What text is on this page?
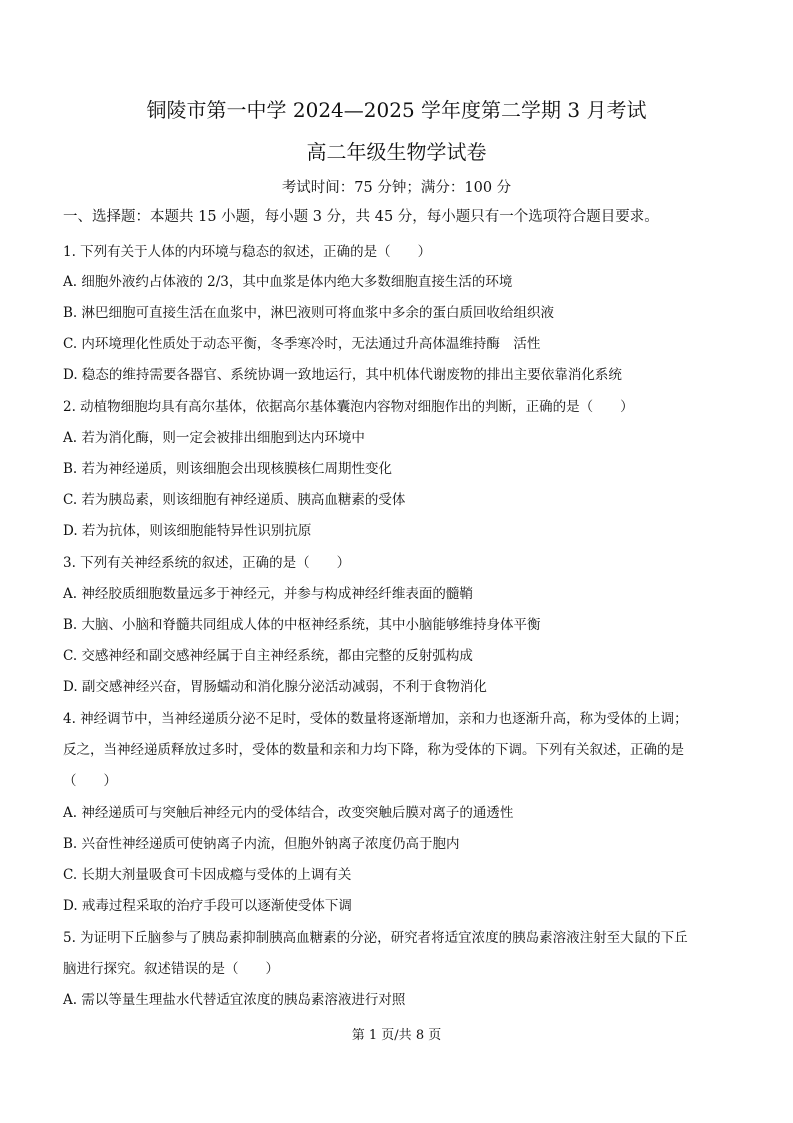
铜陵市第一中学 2024—2025 学年度第二学期 3 月考试
高二年级生物学试卷
考试时间：75 分钟；满分：100 分
一、选择题：本题共 15 小题，每小题 3 分，共 45 分，每小题只有一个选项符合题目要求。
1. 下列有关于人体的内环境与稳态的叙述，正确的是（　　）
A. 细胞外液约占体液的 2/3，其中血浆是体内绝大多数细胞直接生活的环境
B. 淋巴细胞可直接生活在血浆中，淋巴液则可将血浆中多余的蛋白质回收给组织液
C. 内环境理化性质处于动态平衡，冬季寒冷时，无法通过升高体温维持酶　活性
D. 稳态的维持需要各器官、系统协调一致地运行，其中机体代谢废物的排出主要依靠消化系统
2. 动植物细胞均具有高尔基体，依据高尔基体囊泡内容物对细胞作出的判断，正确的是（　　）
A. 若为消化酶，则一定会被排出细胞到达内环境中
B. 若为神经递质，则该细胞会出现核膜核仁周期性变化
C. 若为胰岛素，则该细胞有神经递质、胰高血糖素的受体
D. 若为抗体，则该细胞能特异性识别抗原
3. 下列有关神经系统的叙述，正确的是（　　）
A. 神经胶质细胞数量远多于神经元，并参与构成神经纤维表面的髓鞘
B. 大脑、小脑和脊髓共同组成人体的中枢神经系统，其中小脑能够维持身体平衡
C. 交感神经和副交感神经属于自主神经系统，都由完整的反射弧构成
D. 副交感神经兴奋，胃肠蠕动和消化腺分泌活动减弱，不利于食物消化
4. 神经调节中，当神经递质分泌不足时，受体的数量将逐渐增加，亲和力也逐渐升高，称为受体的上调；
反之，当神经递质释放过多时，受体的数量和亲和力均下降，称为受体的下调。下列有关叙述，正确的是
（　　）
A. 神经递质可与突触后神经元内的受体结合，改变突触后膜对离子的通透性
B. 兴奋性神经递质可使钠离子内流，但胞外钠离子浓度仍高于胞内
C. 长期大剂量吸食可卡因成瘾与受体的上调有关
D. 戒毒过程采取的治疗手段可以逐渐使受体下调
5. 为证明下丘脑参与了胰岛素抑制胰高血糖素的分泌，研究者将适宜浓度的胰岛素溶液注射至大鼠的下丘
脑进行探究。叙述错误的是（　　）
A. 需以等量生理盐水代替适宜浓度的胰岛素溶液进行对照
第 1 页/共 8 页
